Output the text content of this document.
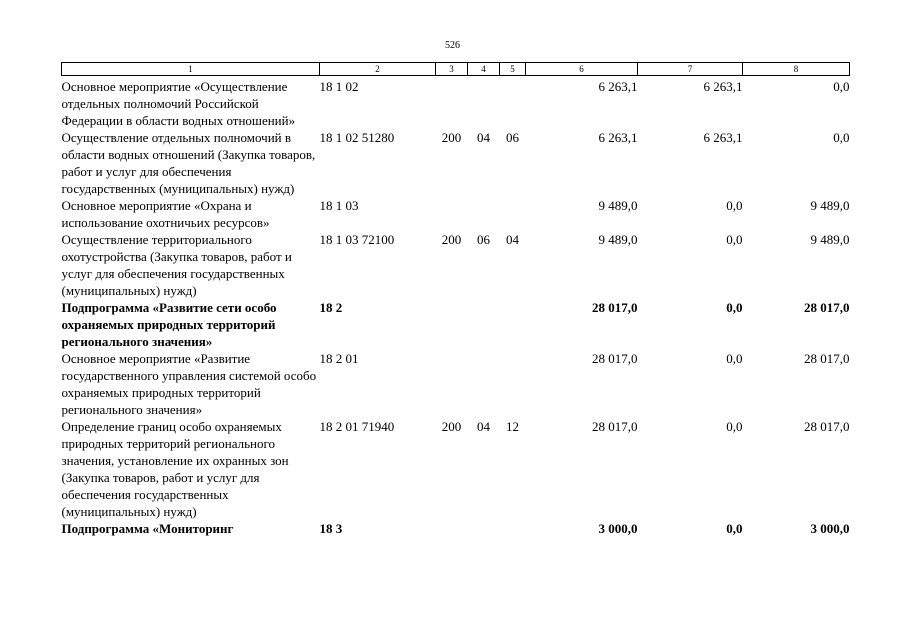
526
1	2	3	4	5	6	7	8
Основное мероприятие «Осуществление отдельных полномочий Российской Федерации в области водных отношений»	18 1 02				6 263,1	6 263,1	0,0
Осуществление отдельных полномочий в области водных отношений (Закупка товаров, работ и услуг для обеспечения государственных (муниципальных) нужд)	18 1 02 51280	200	04	06	6 263,1	6 263,1	0,0
Основное мероприятие «Охрана и использование охотничьих ресурсов»	18 1 03				9 489,0	0,0	9 489,0
Осуществление территориального охотустройства (Закупка товаров, работ и услуг для обеспечения государственных (муниципальных) нужд)	18 1 03 72100	200	06	04	9 489,0	0,0	9 489,0
Подпрограмма «Развитие сети особо охраняемых природных территорий регионального значения»	18 2				28 017,0	0,0	28 017,0
Основное мероприятие «Развитие государственного управления системой особо охраняемых природных территорий регионального значения»	18 2 01				28 017,0	0,0	28 017,0
Определение границ особо охраняемых природных территорий регионального значения, установление их охранных зон (Закупка товаров, работ и услуг для обеспечения государственных (муниципальных) нужд)	18 2 01 71940	200	04	12	28 017,0	0,0	28 017,0
Подпрограмма «Мониторинг	18 3				3 000,0	0,0	3 000,0
